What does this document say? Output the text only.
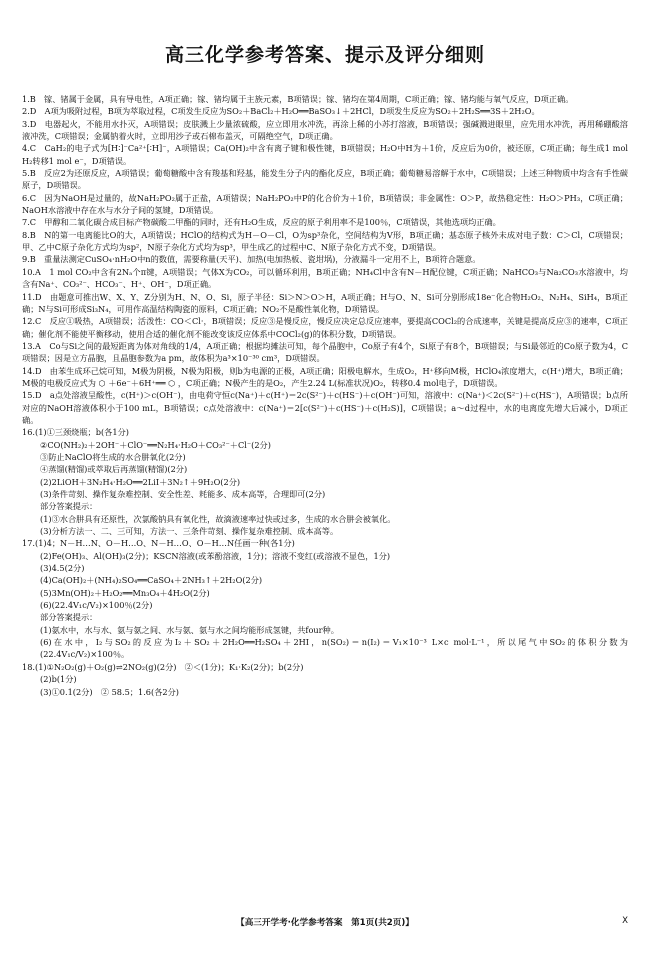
高三化学参考答案、提示及评分细则

1.B　镓、锗属于金属，具有导电性，A项正确；镓、锗均属于主族元素，B项错误；镓、锗均在第4周期，C项正确；镓、锗均能与氧气反应，D项正确。

2.D　A项为吸附过程，B项为萃取过程，C项发生反应为SO₂＋BaCl₂＋H₂O══BaSO₃↓＋2HCl，D项发生反应为SO₂＋2H₂S══3S＋2H₂O。

3.D　电器起火，不能用水扑灭，A项错误；皮肤溅上少量浓硫酸，应立即用水冲洗，再涂上稀的小苏打溶液，B项错误；强碱溅进眼里，应先用水冲洗，再用稀硼酸溶液冲洗，C项错误；金属钠着火时，立即用沙子或石棉布盖灭，可隔绝空气，D项正确。

4.C　CaH₂的电子式为[H∶]⁻Ca²⁺[∶H]⁻，A项错误；Ca(OH)₂中含有离子键和极性键，B项错误；H₂O中H为＋1价，反应后为0价，被还原，C项正确；每生成1 mol H₂转移1 mol e⁻，D项错误。

5.B　反应2为还原反应，A项错误；葡萄糖酸中含有羧基和羟基，能发生分子内的酯化反应，B项正确；葡萄糖易溶解于水中，C项错误；上述三种物质中均含有手性碳原子，D项错误。

6.C　因为NaOH是过量的，故NaH₂PO₂属于正盐，A项错误；NaH₂PO₂中P的化合价为＋1价，B项错误；非金属性：O＞P，故热稳定性：H₂O＞PH₃，C项正确；NaOH水溶液中存在水与水分子间的氢键，D项错误。

7.C　甲醇和二氧化碳合成目标产物碳酸二甲酯的同时，还有H₂O生成，反应的原子利用率不是100％，C项错误，其他选项均正确。

8.B　N的第一电离能比O的大，A项错误；HClO的结构式为H－O－Cl，O为sp³杂化，空间结构为V形，B项正确；基态原子核外未成对电子数：C＞Cl，C项错误；甲、乙中C原子杂化方式均为sp²，N原子杂化方式均为sp³，甲生成乙的过程中C、N原子杂化方式不变，D项错误。

9.B　重量法测定CuSO₄·nH₂O中n的数值，需要称量(天平)、加热(电加热板、瓷坩埚)，分液漏斗一定用不上，B项符合题意。

10.A　1 mol CO₂中含有2Nₐ个π键，A项错误；气体X为CO₂，可以循环利用，B项正确；NH₄Cl中含有N－H配位键，C项正确；NaHCO₃与Na₂CO₃水溶液中，均含有Na⁺、CO₃²⁻、HCO₃⁻、H⁺、OH⁻，D项正确。

11.D　由题意可推出W、X、Y、Z分别为H、N、O、Si，原子半径：Si＞N＞O＞H，A项正确；H与O、N、Si可分别形成18e⁻化合物H₂O₂、N₂H₄、SiH₄，B项正确；N与Si可形成Si₃N₄，可用作高温结构陶瓷的原料，C项正确；NO₂不是酸性氧化物，D项错误。

12.C　反应①吸热，A项错误；活泼性：CO＜Cl·，B项错误；反应③是慢反应，慢反应决定总反应速率，要提高COCl₂的合成速率，关键是提高反应③的速率，C项正确；催化剂不能使平衡移动，使用合适的催化剂不能改变该反应体系中COCl₂(g)的体积分数，D项错误。

13.A　Co与Si之间的最短距离为体对角线的1/4，A项正确；根据均摊法可知，每个晶胞中，Co原子有4个，Si原子有8个，B项错误；与Si最邻近的Co原子数为4，C项错误；因是立方晶胞，且晶胞参数为a pm，故体积为a³×10⁻³⁰ cm³，D项错误。

14.D　由苯生成环己烷可知，M极为阴极，N极为阳极，则b为电源的正极，A项正确；阳极电解水，生成O₂，H⁺移向M极，HClO₄浓度增大，c(H⁺)增大，B项正确；M极的电极反应式为 ⬡ ＋6e⁻＋6H⁺══ ⬡ ，C项正确；N极产生的是O₂，产生2.24 L(标准状况)O₂，转移0.4 mol电子，D项错误。

15.D　a点处溶液呈酸性，c(H⁺)＞c(OH⁻)，由电荷守恒c(Na⁺)＋c(H⁺)＝2c(S²⁻)＋c(HS⁻)＋c(OH⁻)可知，溶液中：c(Na⁺)＜2c(S²⁻)＋c(HS⁻)，A项错误；b点所对应的NaOH溶液体积小于100 mL，B项错误；c点处溶液中：c(Na⁺)＝2[c(S²⁻)＋c(HS⁻)＋c(H₂S)]，C项错误；a～d过程中，水的电离度先增大后减小，D项正确。

16.(1)①三颈烧瓶；b(各1分)

②CO(NH₂)₂＋2OH⁻＋ClO⁻══N₂H₄·H₂O＋CO₃²⁻＋Cl⁻(2分)

③防止NaClO将生成的水合肼氧化(2分)

④蒸馏(精馏)或萃取后再蒸馏(精馏)(2分)

(2)2LiOH＋3N₂H₄·H₂O══2LiI＋3N₂↑＋9H₂O(2分)

(3)条件苛刻、操作复杂难控制、安全性差、耗能多、成本高等，合理即可(2分)

部分答案提示：

(1)③水合肼具有还原性，次氯酸钠具有氧化性，故滴液速率过快或过多，生成的水合肼会被氧化。

(3)分析方法一、二、三可知，方法一、三条件苛刻、操作复杂难控制、成本高等。

17.(1)4；N－H…N、O－H…O、N－H…O、O－H…N任画一种(各1分)

(2)Fe(OH)₃、Al(OH)₃(2分)；KSCN溶液(或苯酚溶液，1分)；溶液不变红(或溶液不显色，1分)

(3)4.5(2分)

(4)Ca(OH)₂＋(NH₄)₂SO₄══CaSO₄＋2NH₃↑＋2H₂O(2分)

(5)3Mn(OH)₂＋H₂O₂══Mn₃O₄＋4H₂O(2分)

(6)(22.4V₁c/V₂)×100％(2分)

部分答案提示：

(1)氨水中，水与水、氨与氨之间、水与氨、氨与水之间均能形成氢键，共four种。

(6)在水中，I₂与SO₂的反应为I₂＋SO₂＋2H₂O══H₂SO₄＋2HI，n(SO₂)＝n(I₂)＝V₁×10⁻³ L×c mol·L⁻¹，所以尾气中SO₂的体积分数为(22.4V₁c/V₂)×100％。

18.(1)①N₂O₂(g)＋O₂(g)⇌2NO₂(g)(2分)　②＜(1分)；K₁·K₂(2分)；b(2分)

(2)b(1分)

(3)①0.1(2分)　② 58.5；1.6(各2分)

【高三开学考·化学参考答案　第1页(共2页)】	X
